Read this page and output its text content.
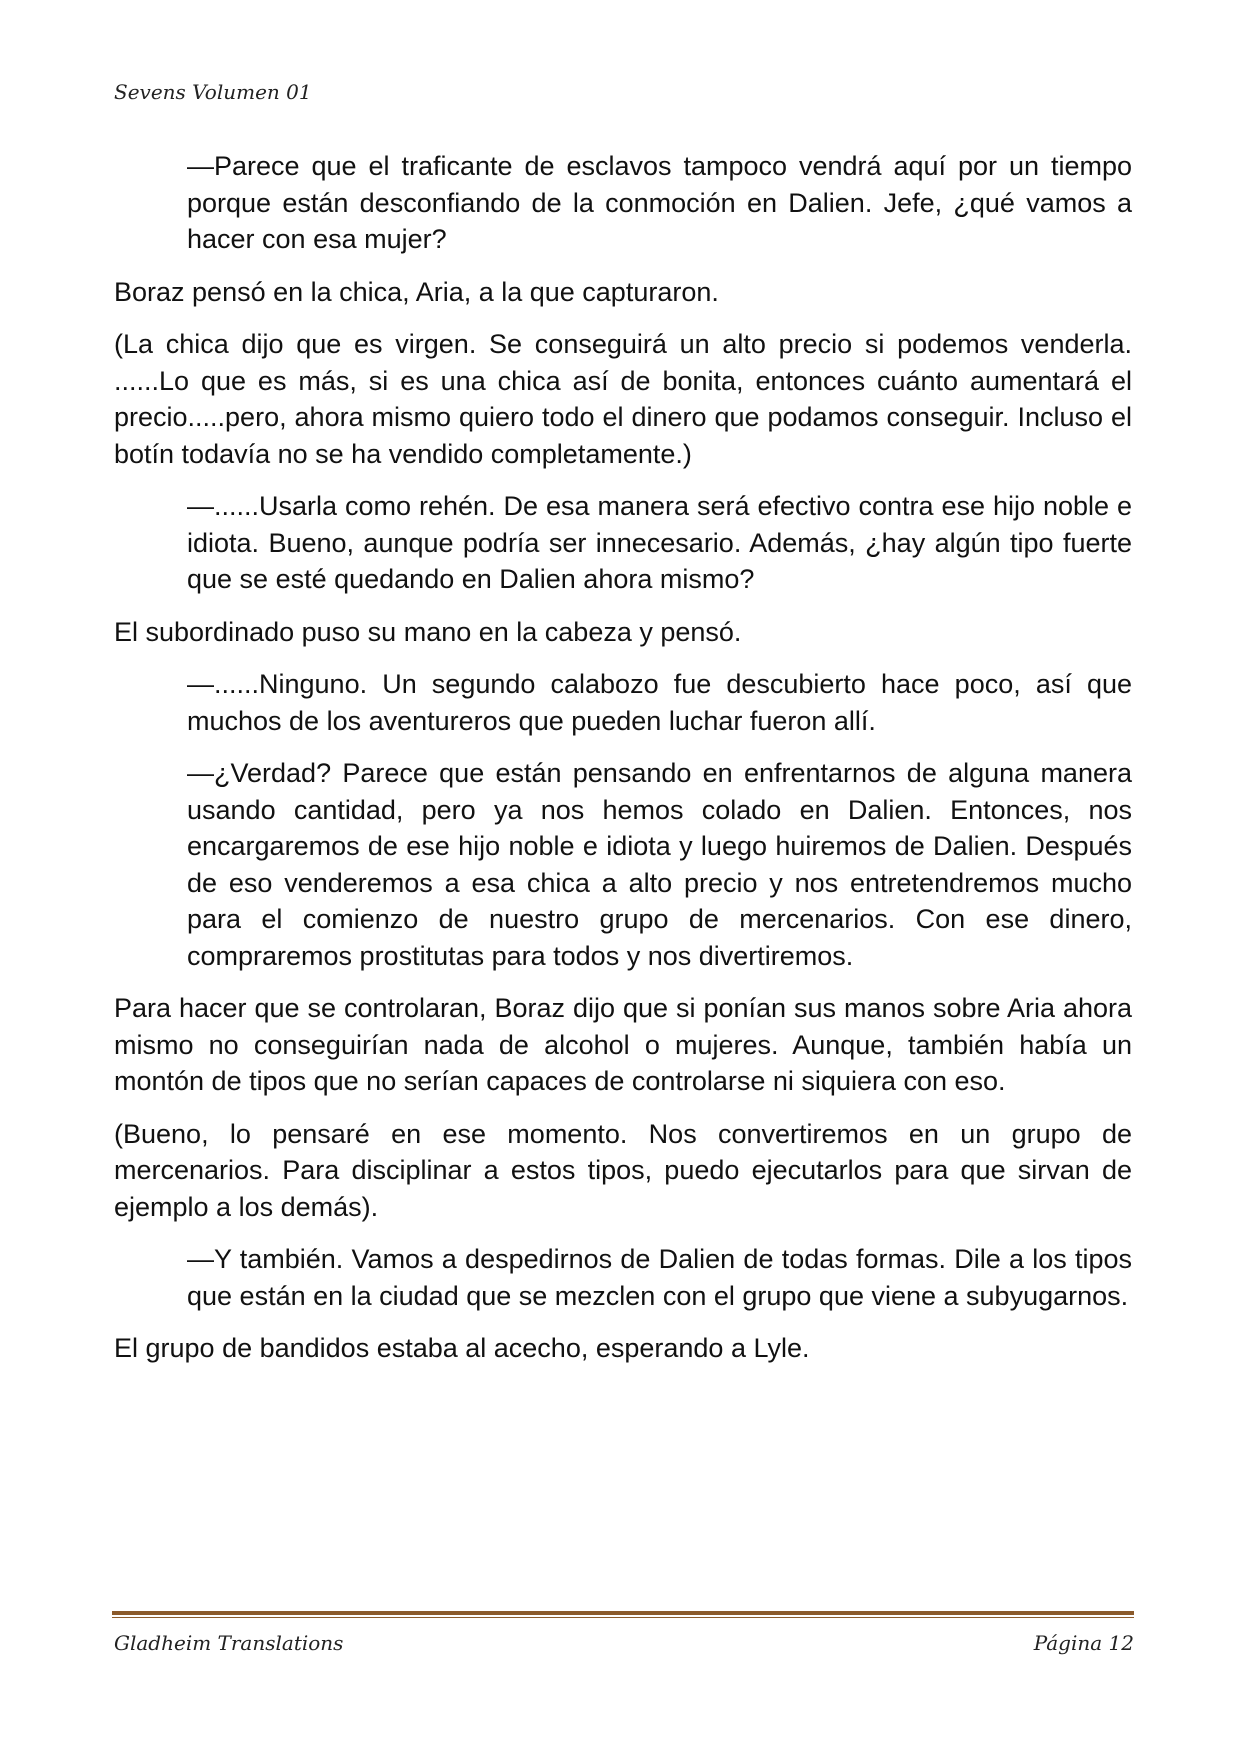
Sevens Volumen 01

—Parece que el traficante de esclavos tampoco vendrá aquí por un tiempo porque están desconfiando de la conmoción en Dalien. Jefe, ¿qué vamos a hacer con esa mujer?

Boraz pensó en la chica, Aria, a la que capturaron.

(La chica dijo que es virgen. Se conseguirá un alto precio si podemos venderla. ......Lo que es más, si es una chica así de bonita, entonces cuánto aumentará el precio.....pero, ahora mismo quiero todo el dinero que podamos conseguir. Incluso el botín todavía no se ha vendido completamente.)

—......Usarla como rehén. De esa manera será efectivo contra ese hijo noble e idiota. Bueno, aunque podría ser innecesario. Además, ¿hay algún tipo fuerte que se esté quedando en Dalien ahora mismo?

El subordinado puso su mano en la cabeza y pensó.

—......Ninguno. Un segundo calabozo fue descubierto hace poco, así que muchos de los aventureros que pueden luchar fueron allí.

—¿Verdad? Parece que están pensando en enfrentarnos de alguna manera usando cantidad, pero ya nos hemos colado en Dalien. Entonces, nos encargaremos de ese hijo noble e idiota y luego huiremos de Dalien. Después de eso venderemos a esa chica a alto precio y nos entretendremos mucho para el comienzo de nuestro grupo de mercenarios. Con ese dinero, compraremos prostitutas para todos y nos divertiremos.

Para hacer que se controlaran, Boraz dijo que si ponían sus manos sobre Aria ahora mismo no conseguirían nada de alcohol o mujeres. Aunque, también había un montón de tipos que no serían capaces de controlarse ni siquiera con eso.

(Bueno, lo pensaré en ese momento. Nos convertiremos en un grupo de mercenarios. Para disciplinar a estos tipos, puedo ejecutarlos para que sirvan de ejemplo a los demás).

—Y también. Vamos a despedirnos de Dalien de todas formas. Dile a los tipos que están en la ciudad que se mezclen con el grupo que viene a subyugarnos.

El grupo de bandidos estaba al acecho, esperando a Lyle.

Gladheim Translations	Página 12
